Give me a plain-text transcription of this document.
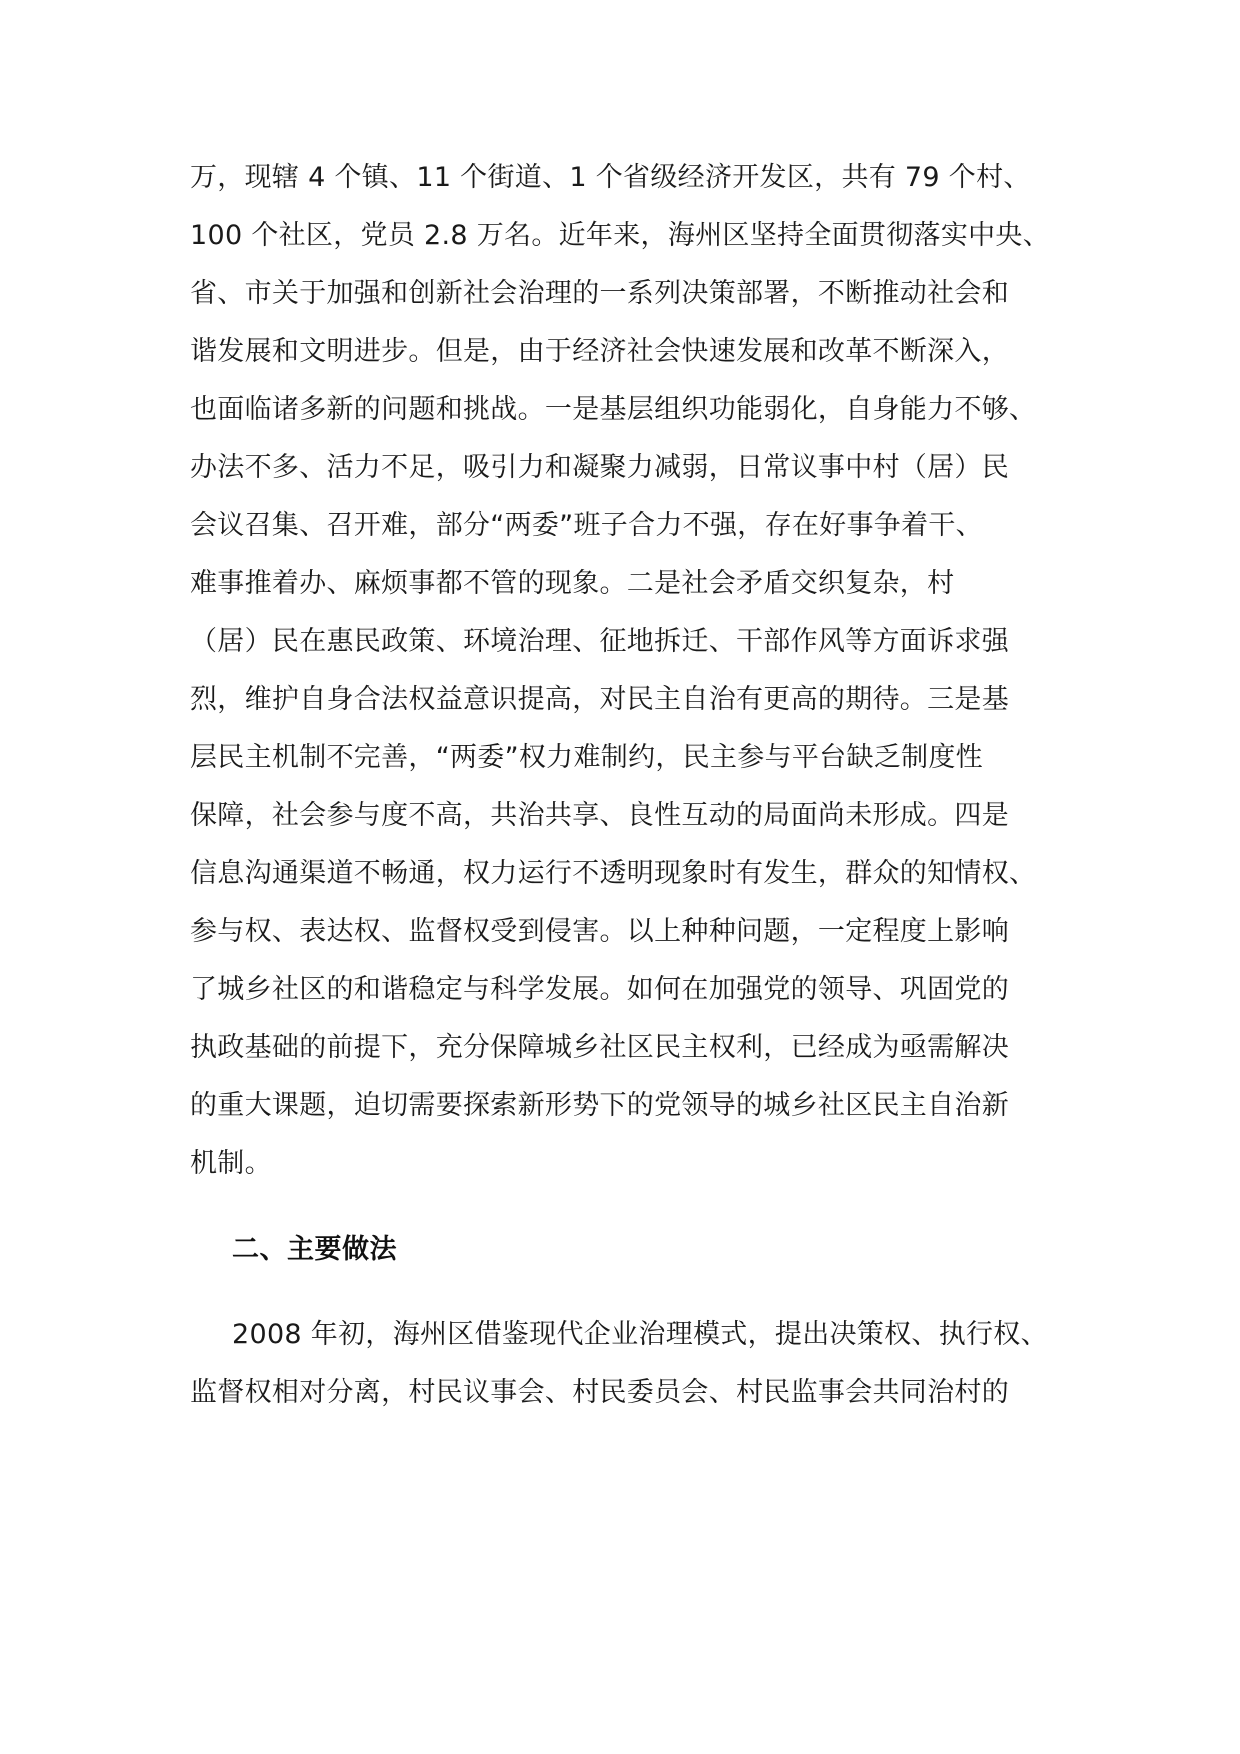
万，现辖 4 个镇、11 个街道、1 个省级经济开发区，共有 79 个村、
100 个社区，党员 2.8 万名。近年来，海州区坚持全面贯彻落实中央、
省、市关于加强和创新社会治理的一系列决策部署，不断推动社会和
谐发展和文明进步。但是，由于经济社会快速发展和改革不断深入，
也面临诸多新的问题和挑战。一是基层组织功能弱化，自身能力不够、
办法不多、活力不足，吸引力和凝聚力减弱，日常议事中村（居）民
会议召集、召开难，部分“两委”班子合力不强，存在好事争着干、
难事推着办、麻烦事都不管的现象。二是社会矛盾交织复杂，村
（居）民在惠民政策、环境治理、征地拆迁、干部作风等方面诉求强
烈，维护自身合法权益意识提高，对民主自治有更高的期待。三是基
层民主机制不完善，“两委”权力难制约，民主参与平台缺乏制度性
保障，社会参与度不高，共治共享、良性互动的局面尚未形成。四是
信息沟通渠道不畅通，权力运行不透明现象时有发生，群众的知情权、
参与权、表达权、监督权受到侵害。以上种种问题，一定程度上影响
了城乡社区的和谐稳定与科学发展。如何在加强党的领导、巩固党的
执政基础的前提下，充分保障城乡社区民主权利，已经成为亟需解决
的重大课题，迫切需要探索新形势下的党领导的城乡社区民主自治新
机制。
二、主要做法
2008 年初，海州区借鉴现代企业治理模式，提出决策权、执行权、
监督权相对分离，村民议事会、村民委员会、村民监事会共同治村的
